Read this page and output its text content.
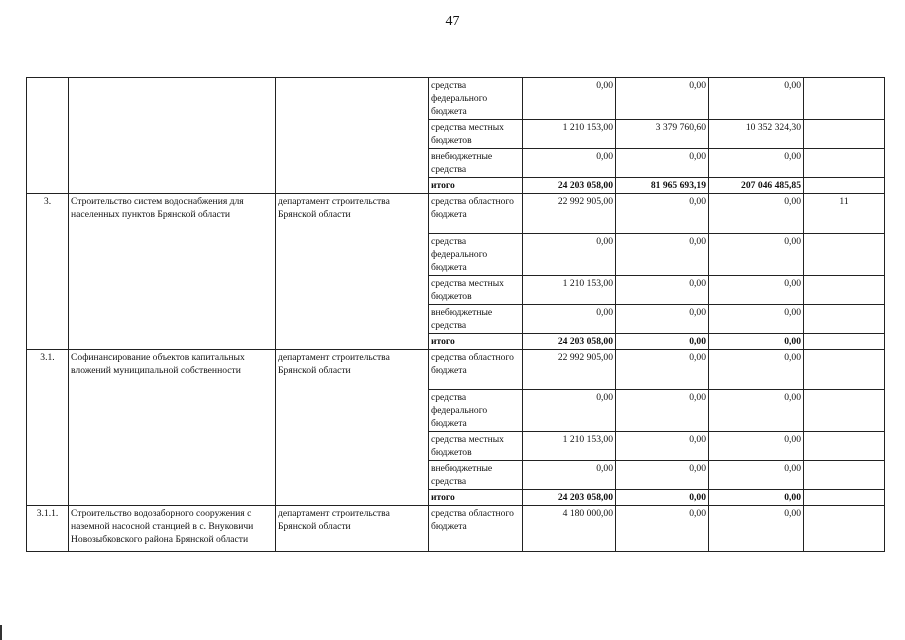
47
			средства федерального бюджета	0,00	0,00	0,00	
			средства местных бюджетов	1 210 153,00	3 379 760,60	10 352 324,30	
			внебюджетные средства	0,00	0,00	0,00	
			итого	24 203 058,00	81 965 693,19	207 046 485,85	
3.	Строительство систем водоснабжения для населенных пунктов Брянской области	департамент строительства Брянской области	средства областного бюджета	22 992 905,00	0,00	0,00	11
			средства федерального бюджета	0,00	0,00	0,00	
			средства местных бюджетов	1 210 153,00	0,00	0,00	
			внебюджетные средства	0,00	0,00	0,00	
			итого	24 203 058,00	0,00	0,00	
3.1.	Софинансирование объектов капитальных вложений муниципальной собственности	департамент строительства Брянской области	средства областного бюджета	22 992 905,00	0,00	0,00	
			средства федерального бюджета	0,00	0,00	0,00	
			средства местных бюджетов	1 210 153,00	0,00	0,00	
			внебюджетные средства	0,00	0,00	0,00	
			итого	24 203 058,00	0,00	0,00	
3.1.1.	Строительство водозаборного сооружения с наземной насосной станцией в с. Внуковичи Новозыбковского района Брянской области	департамент строительства Брянской области	средства областного бюджета	4 180 000,00	0,00	0,00	
